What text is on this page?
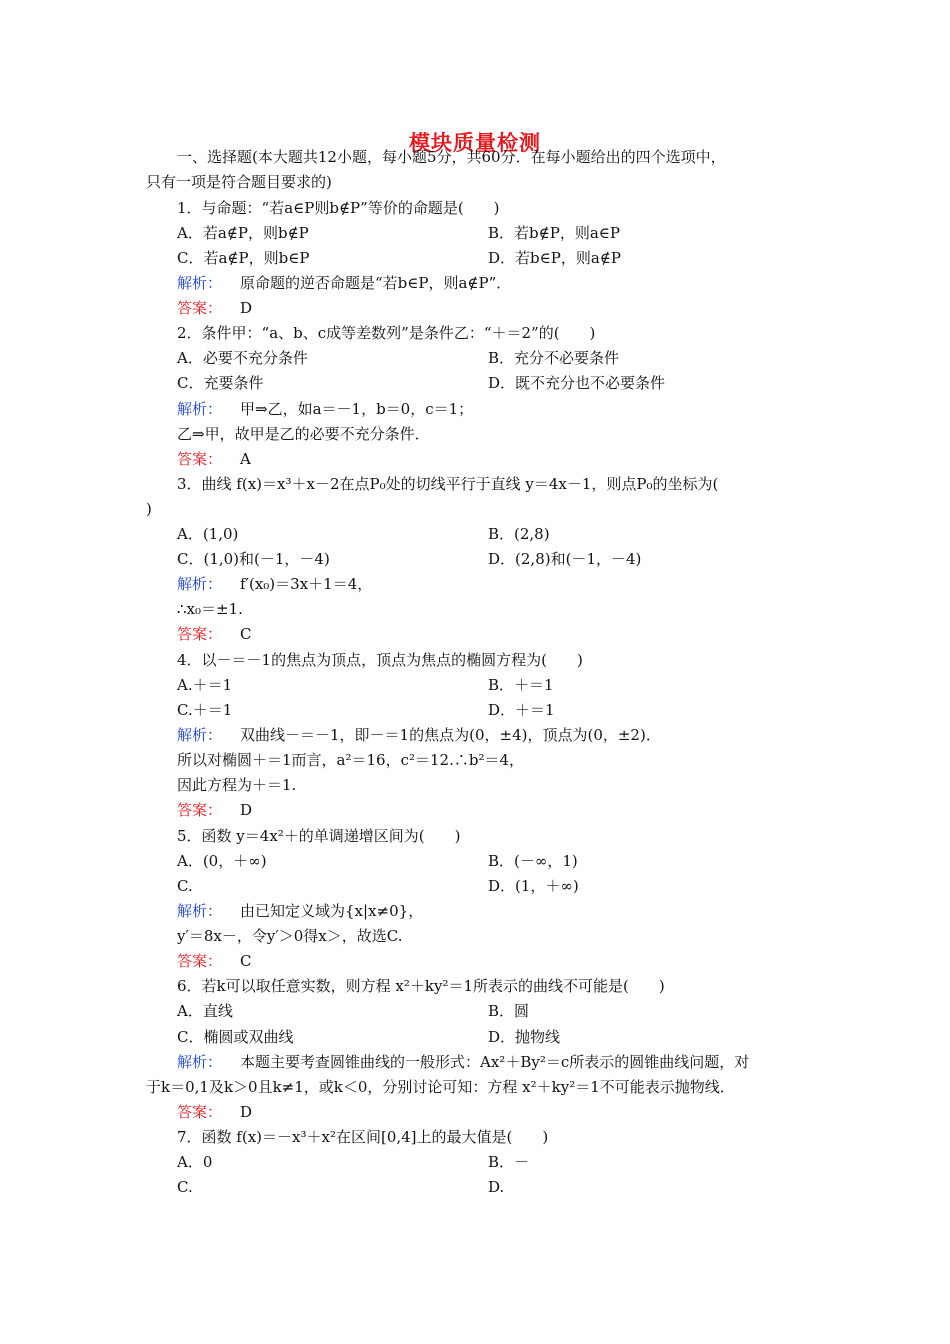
模块质量检测
一、选择题(本大题共12小题，每小题5分，共60分．在每小题给出的四个选项中，
只有一项是符合题目要求的)
1．与命题：“若a∈P则b∉P”等价的命题是(　　)
A．若a∉P，则b∉P	B．若b∉P，则a∈P
C．若a∉P，则b∈P	D．若b∈P，则a∉P
解析： 原命题的逆否命题是“若b∈P，则a∉P”．
答案： D
2．条件甲：“a、b、c成等差数列”是条件乙：“＋＝2”的(　　)
A．必要不充分条件	B．充分不必要条件
C．充要条件	D．既不充分也不必要条件
解析： 甲⇒乙，如a＝－1，b＝0，c＝1；
乙⇒甲，故甲是乙的必要不充分条件．
答案： A
3．曲线 f(x)＝x³＋x－2在点P₀处的切线平行于直线 y＝4x－1，则点P₀的坐标为(
)
A．(1,0)	B．(2,8)
C．(1,0)和(－1，－4)	D．(2,8)和(－1，－4)
解析： f′(x₀)＝3x＋1＝4，
∴x₀＝±1.
答案： C
4．以－＝－1的焦点为顶点，顶点为焦点的椭圆方程为(　　)
A.＋＝1	B．＋＝1
C.＋＝1	D．＋＝1
解析： 双曲线－＝－1，即－＝1的焦点为(0，±4)，顶点为(0，±2)．
所以对椭圆＋＝1而言，a²＝16，c²＝12.∴b²＝4，
因此方程为＋＝1.
答案： D
5．函数 y＝4x²＋的单调递增区间为(　　)
A．(0，＋∞)	B．(－∞，1)
C.	D．(1，＋∞)
解析： 由已知定义域为{x|x≠0}，
y′＝8x－，令y′＞0得x＞，故选C.
答案： C
6．若k可以取任意实数，则方程 x²＋ky²＝1所表示的曲线不可能是(　　)
A．直线	B．圆
C．椭圆或双曲线	D．抛物线
解析： 本题主要考查圆锥曲线的一般形式：Ax²＋By²＝c所表示的圆锥曲线问题，对
于k＝0,1及k＞0且k≠1，或k＜0，分别讨论可知：方程 x²＋ky²＝1不可能表示抛物线．
答案： D
7．函数 f(x)＝－x³＋x²在区间[0,4]上的最大值是(　　)
A．0	B．－
C.	D.
